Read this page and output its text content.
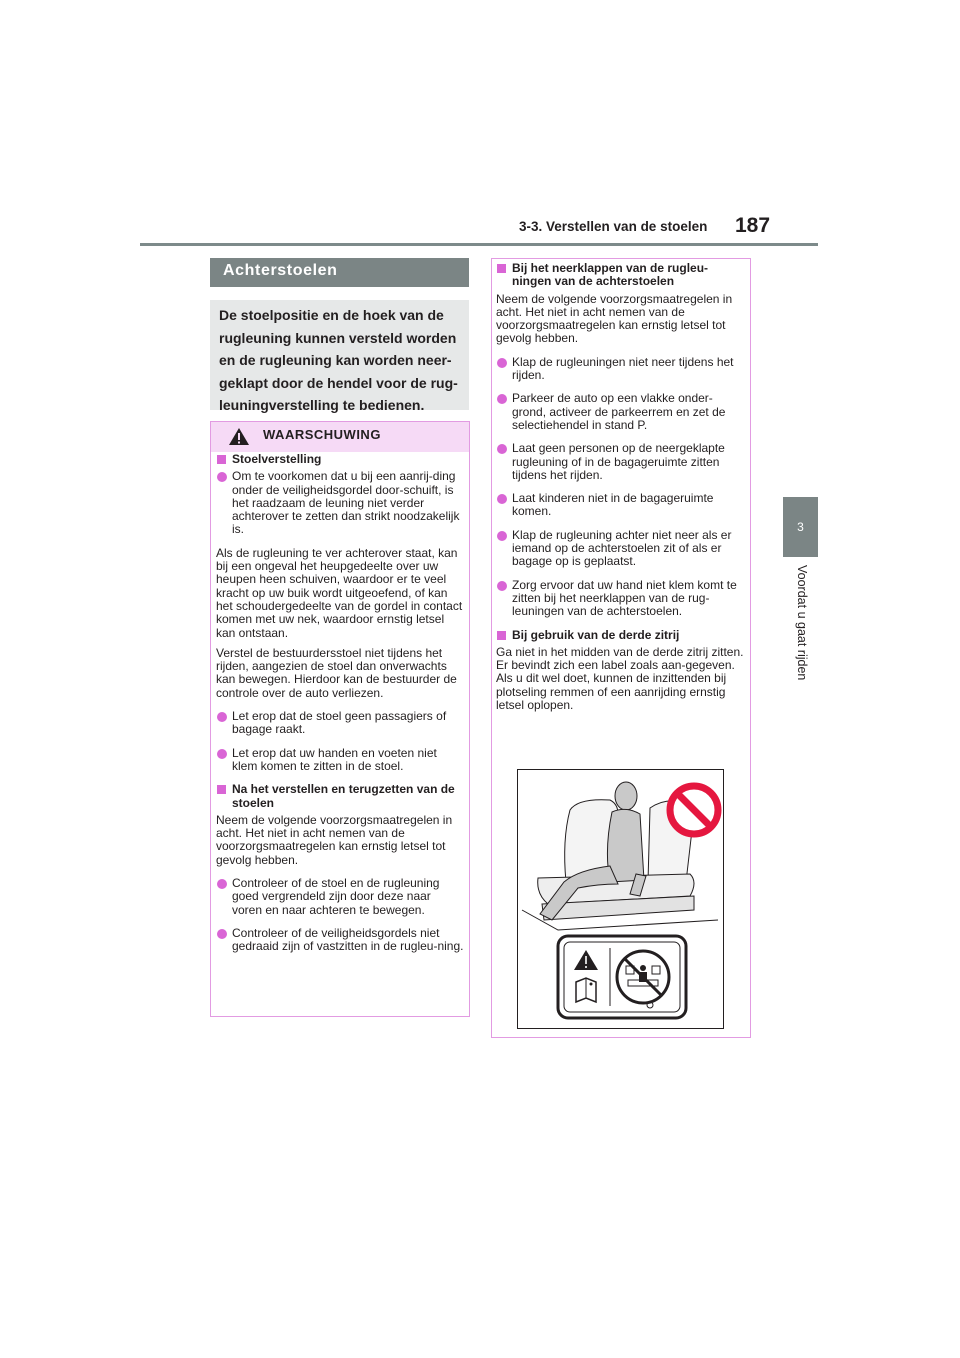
3-3. Verstellen van de stoelen 187
3
Voordat u gaat rijden
Achterstoelen
De stoelpositie en de hoek van de rugleuning kunnen versteld worden en de rugleuning kan worden neer-geklapt door de hendel voor de rug-leuningverstelling te bedienen.
WAARSCHUWING
Stoelverstelling
Om te voorkomen dat u bij een aanrij-ding onder de veiligheidsgordel door-schuift, is het raadzaam de leuning niet verder achterover te zetten dan strikt noodzakelijk is.

Als de rugleuning te ver achterover staat, kan bij een ongeval het heupgedeelte over uw heupen heen schuiven, waardoor er te veel kracht op uw buik wordt uitgeoefend, of kan het schoudergedeelte van de gordel in contact komen met uw nek, waardoor ernstig letsel kan ontstaan.

Verstel de bestuurdersstoel niet tijdens het rijden, aangezien de stoel dan onverwachts kan bewegen. Hierdoor kan de bestuurder de controle over de auto verliezen.

Let erop dat de stoel geen passagiers of bagage raakt.
Let erop dat uw handen en voeten niet klem komen te zitten in de stoel.
Na het verstellen en terugzetten van de stoelen

Neem de volgende voorzorgsmaatregelen in acht. Het niet in acht nemen van de voorzorgsmaatregelen kan ernstig letsel tot gevolg hebben.

Controleer of de stoel en de rugleuning goed vergrendeld zijn door deze naar voren en naar achteren te bewegen.
Controleer of de veiligheidsgordels niet gedraaid zijn of vastzitten in de rugleu-ning.
Bij het neerklappen van de rugleu-ningen van de achterstoelen

Neem de volgende voorzorgsmaatregelen in acht. Het niet in acht nemen van de voorzorgsmaatregelen kan ernstig letsel tot gevolg hebben.

Klap de rugleuningen niet neer tijdens het rijden.
Parkeer de auto op een vlakke onder-grond, activeer de parkeerrem en zet de selectiehendel in stand P.
Laat geen personen op de neergeklapte rugleuning of in de bagageruimte zitten tijdens het rijden.
Laat kinderen niet in de bagageruimte komen.
Klap de rugleuning achter niet neer als er iemand op de achterstoelen zit of als er bagage op is geplaatst.
Zorg ervoor dat uw hand niet klem komt te zitten bij het neerklappen van de rug-leuningen van de achterstoelen.
Bij gebruik van de derde zitrij

Ga niet in het midden van de derde zitrij zitten. Er bevindt zich een label zoals aan-gegeven. Als u dit wel doet, kunnen de inzittenden bij plotseling remmen of een aanrijding ernstig letsel oplopen.
